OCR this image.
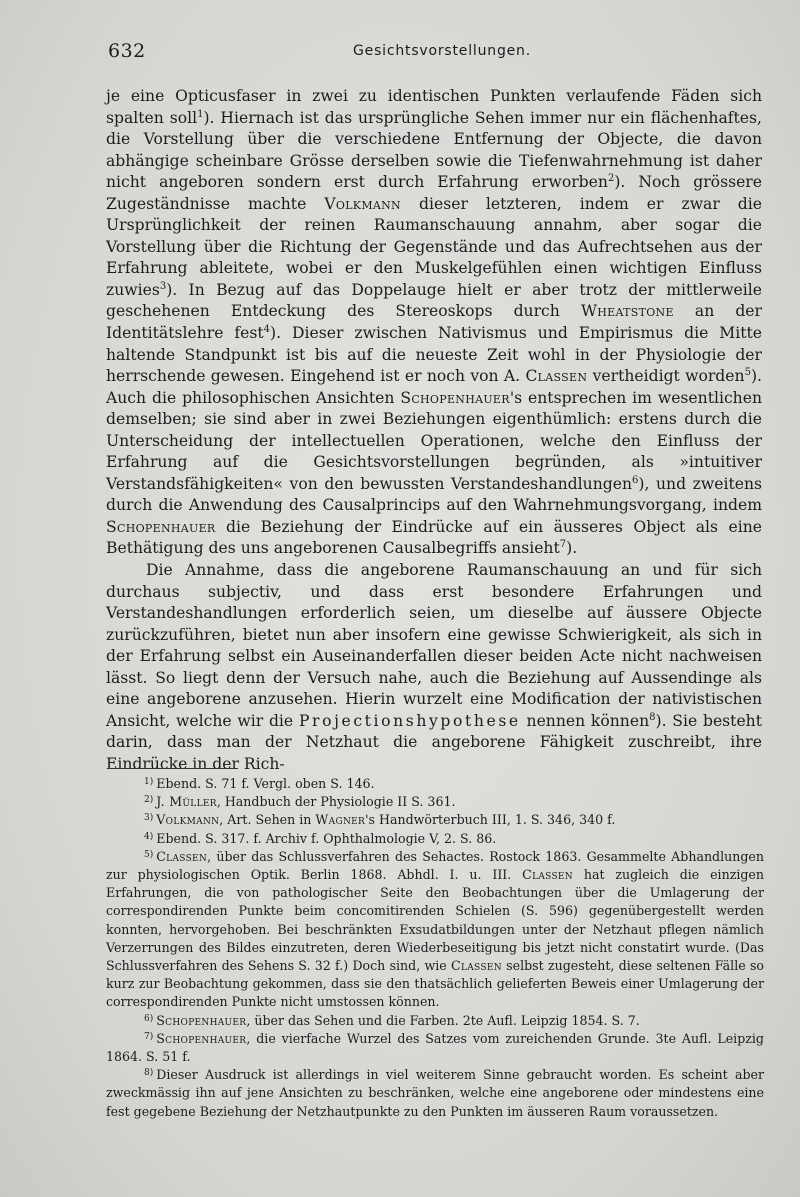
632	Gesichtsvorstellungen.

je eine Opticusfaser in zwei zu identischen Punkten verlaufende Fäden sich spalten soll$^1$). Hiernach ist das ursprüngliche Sehen immer nur ein flächenhaftes, die Vorstellung über die verschiedene Entfernung der Objecte, die davon abhängige scheinbare Grösse derselben sowie die Tiefenwahrnehmung ist daher nicht angeboren sondern erst durch Erfahrung erworben$^2$). Noch grössere Zugeständnisse machte Volkmann dieser letzteren, indem er zwar die Ursprünglichkeit der reinen Raumanschauung annahm, aber sogar die Vorstellung über die Richtung der Gegenstände und das Aufrechtsehen aus der Erfahrung ableitete, wobei er den Muskelgefühlen einen wichtigen Einfluss zuwies$^3$). In Bezug auf das Doppelauge hielt er aber trotz der mittlerweile geschehenen Entdeckung des Stereoskops durch Wheatstone an der Identitätslehre fest$^4$). Dieser zwischen Nativismus und Empirismus die Mitte haltende Standpunkt ist bis auf die neueste Zeit wohl in der Physiologie der herrschende gewesen. Eingehend ist er noch von A. Classen vertheidigt worden$^5$). Auch die philosophischen Ansichten Schopenhauer's entsprechen im wesentlichen demselben; sie sind aber in zwei Beziehungen eigenthümlich: erstens durch die Unterscheidung der intellectuellen Operationen, welche den Einfluss der Erfahrung auf die Gesichtsvorstellungen begründen, als »intuitiver Verstandsfähigkeiten« von den bewussten Verstandeshandlungen$^6$), und zweitens durch die Anwendung des Causalprincips auf den Wahrnehmungsvorgang, indem Schopenhauer die Beziehung der Eindrücke auf ein äusseres Object als eine Bethätigung des uns angeborenen Causalbegriffs ansieht$^7$).

Die Annahme, dass die angeborene Raumanschauung an und für sich durchaus subjectiv, und dass erst besondere Erfahrungen und Verstandeshandlungen erforderlich seien, um dieselbe auf äussere Objecte zurückzuführen, bietet nun aber insofern eine gewisse Schwierigkeit, als sich in der Erfahrung selbst ein Auseinanderfallen dieser beiden Acte nicht nachweisen lässt. So liegt denn der Versuch nahe, auch die Beziehung auf Aussendinge als eine angeborene anzusehen. Hierin wurzelt eine Modification der nativistischen Ansicht, welche wir die Projectionshypothese nennen können$^8$). Sie besteht darin, dass man der Netzhaut die angeborene Fähigkeit zuschreibt, ihre Eindrücke in der Rich-

$^{1)}$ Ebend. S. 71 f. Vergl. oben S. 146.

$^{2)}$ J. Müller, Handbuch der Physiologie II S. 361.

$^{3)}$ Volkmann, Art. Sehen in Wagner's Handwörterbuch III, 1. S. 346, 340 f.

$^{4)}$ Ebend. S. 317. f. Archiv f. Ophthalmologie V, 2. S. 86.

$^{5)}$ Classen, über das Schlussverfahren des Sehactes. Rostock 1863. Gesammelte Abhandlungen zur physiologischen Optik. Berlin 1868. Abhdl. I. u. III. Classen hat zugleich die einzigen Erfahrungen, die von pathologischer Seite den Beobachtungen über die Umlagerung der correspondirenden Punkte beim concomitirenden Schielen (S. 596) gegenübergestellt werden konnten, hervorgehoben. Bei beschränkten Exsudatbildungen unter der Netzhaut pflegen nämlich Verzerrungen des Bildes einzutreten, deren Wiederbeseitigung bis jetzt nicht constatirt wurde. (Das Schlussverfahren des Sehens S. 32 f.) Doch sind, wie Classen selbst zugesteht, diese seltenen Fälle so kurz zur Beobachtung gekommen, dass sie den thatsächlich gelieferten Beweis einer Umlagerung der correspondirenden Punkte nicht umstossen können.

$^{6)}$ Schopenhauer, über das Sehen und die Farben. 2te Aufl. Leipzig 1854. S. 7.

$^{7)}$ Schopenhauer, die vierfache Wurzel des Satzes vom zureichenden Grunde. 3te Aufl. Leipzig 1864. S. 51 f.

$^{8)}$ Dieser Ausdruck ist allerdings in viel weiterem Sinne gebraucht worden. Es scheint aber zweckmässig ihn auf jene Ansichten zu beschränken, welche eine angeborene oder mindestens eine fest gegebene Beziehung der Netzhautpunkte zu den Punkten im äusseren Raum voraussetzen.
